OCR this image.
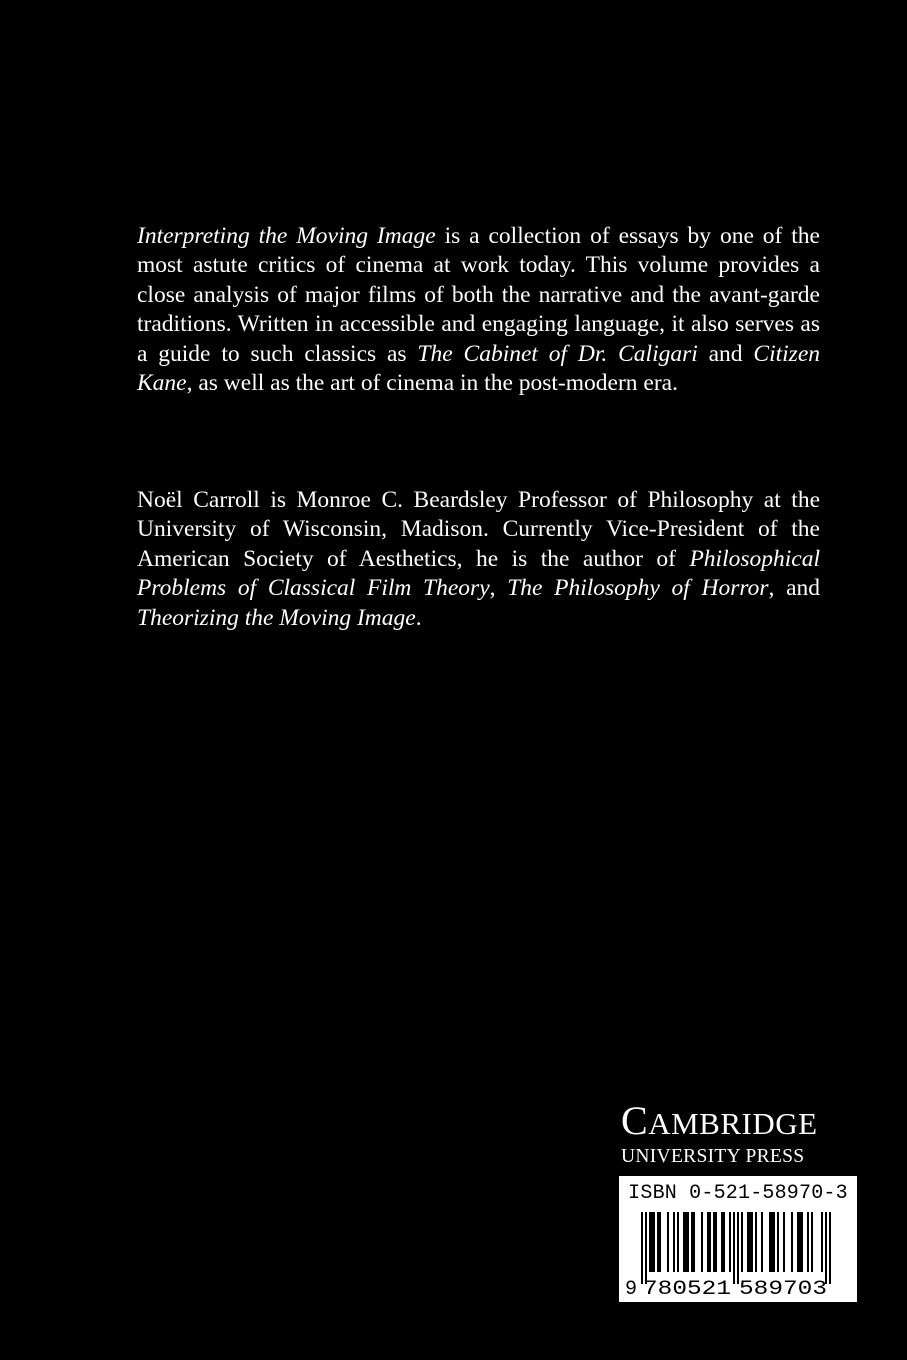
Interpreting the Moving Image is a collection of essays by one of the most astute critics of cinema at work today. This volume provides a close analysis of major films of both the narrative and the avant-garde traditions. Written in accessible and engaging language, it also serves as a guide to such classics as The Cabinet of Dr. Caligari and Citizen Kane, as well as the art of cinema in the post-modern era.

Noël Carroll is Monroe C. Beardsley Professor of Philosophy at the University of Wisconsin, Madison. Currently Vice-President of the American Society of Aesthetics, he is the author of Philosophical Problems of Classical Film Theory, The Philosophy of Horror, and Theorizing the Moving Image.

CAMBRIDGE
UNIVERSITY PRESS
ISBN 0-521-58970-3
9 780521 589703
